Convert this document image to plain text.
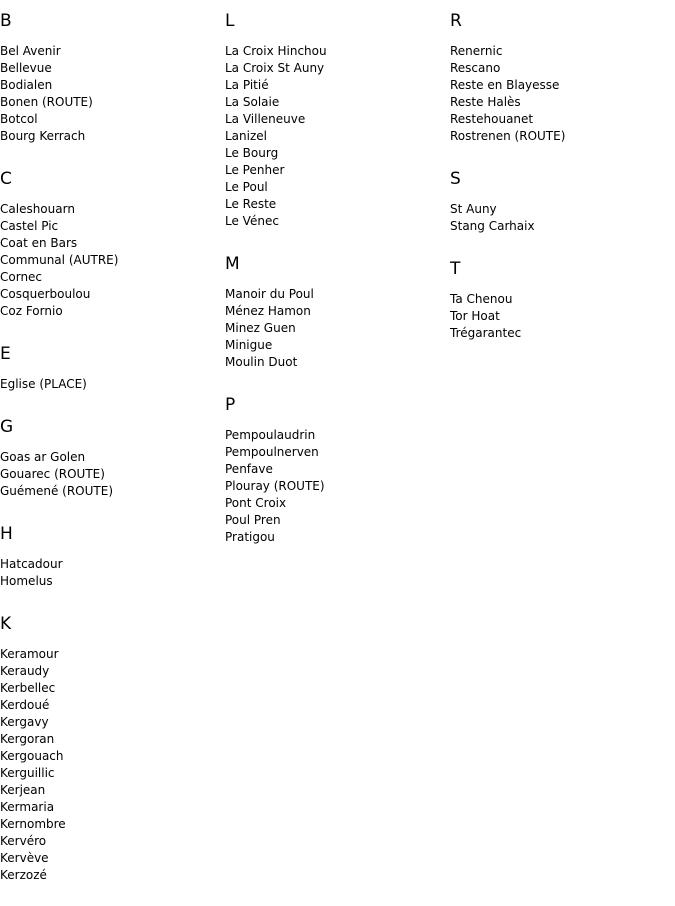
B
Bel Avenir
Bellevue
Bodialen
Bonen (ROUTE)
Botcol
Bourg Kerrach
C
Caleshouarn
Castel Pic
Coat en Bars
Communal (AUTRE)
Cornec
Cosquerboulou
Coz Fornio
E
Eglise (PLACE)
G
Goas ar Golen
Gouarec (ROUTE)
Guémené (ROUTE)
H
Hatcadour
Homelus
K
Keramour
Keraudy
Kerbellec
Kerdoué
Kergavy
Kergoran
Kergouach
Kerguillic
Kerjean
Kermaria
Kernombre
Kervéro
Kervève
Kerzozé
L
La Croix Hinchou
La Croix St Auny
La Pitié
La Solaie
La Villeneuve
Lanizel
Le Bourg
Le Penher
Le Poul
Le Reste
Le Vénec
M
Manoir du Poul
Ménez Hamon
Minez Guen
Minigue
Moulin Duot
P
Pempoulaudrin
Pempoulnerven
Penfave
Plouray (ROUTE)
Pont Croix
Poul Pren
Pratigou
R
Renernic
Rescano
Reste en Blayesse
Reste Halès
Restehouanet
Rostrenen (ROUTE)
S
St Auny
Stang Carhaix
T
Ta Chenou
Tor Hoat
Trégarantec
